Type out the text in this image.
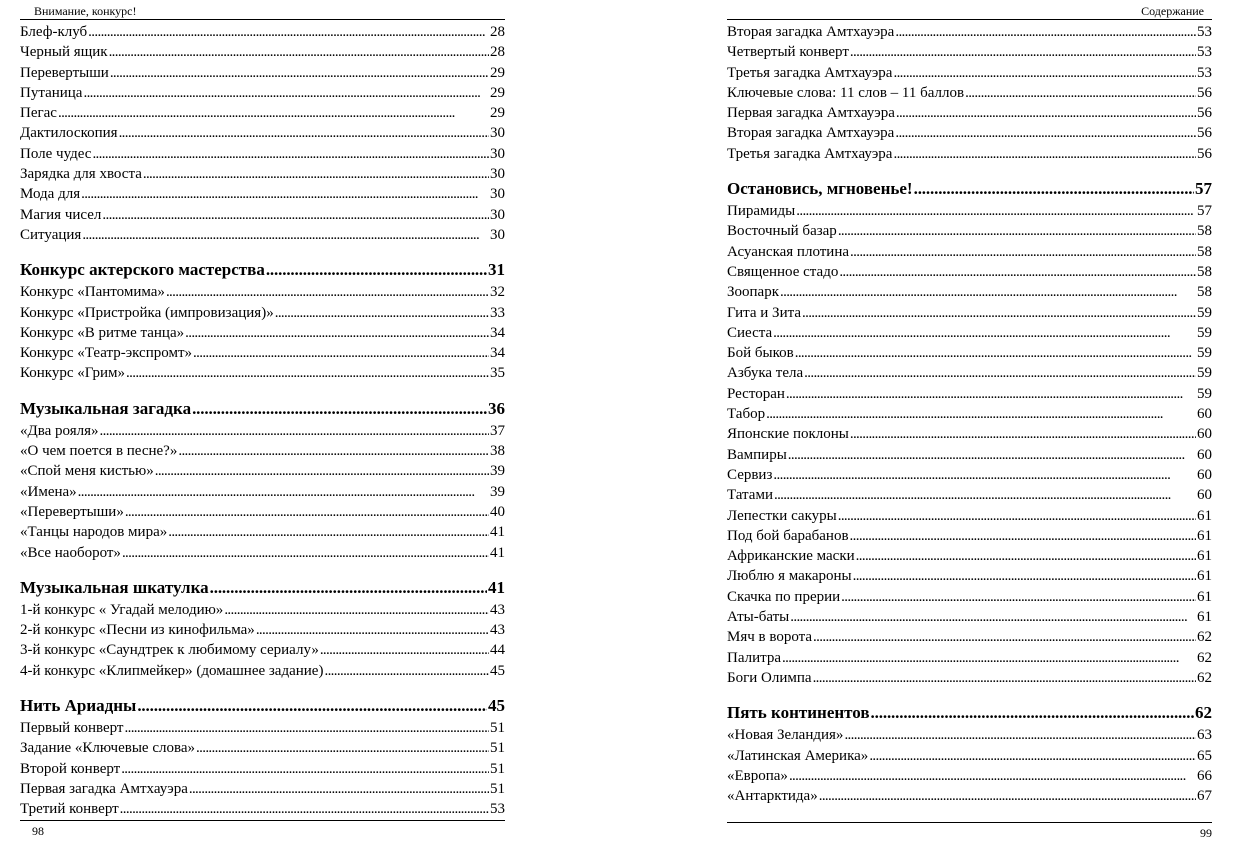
Внимание, конкурс!
Блеф-клуб . . .	28
Черный ящик . . .	28
Перевертыши . . .	29
Путаница . . .	29
Пегас . . .	29
Дактилоскопия . . .	30
Поле чудес . . .	30
Зарядка для хвоста . . .	30
Мода для . . .	30
Магия чисел . . .	30
Ситуация . . .	30
Конкурс актерского мастерства . . .	31
Конкурс «Пантомима» . . .	32
Конкурс «Пристройка (импровизация)» . . .	33
Конкурс «В ритме танца» . . .	34
Конкурс «Театр-экспромт» . . .	34
Конкурс «Грим» . . .	35
Музыкальная загадка . . .	36
«Два рояля» . . .	37
«О чем поется в песне?» . . .	38
«Спой меня кистью» . . .	39
«Имена» . . .	39
«Перевертыши» . . .	40
«Танцы народов мира» . . .	41
«Все наоборот» . . .	41
Музыкальная шкатулка . . .	41
1-й конкурс « Угадай мелодию» . . .	43
2-й конкурс «Песни из кинофильма» . . .	43
3-й конкурс «Саундтрек к любимому сериалу» . . .	44
4-й конкурс «Клипмейкер» (домашнее задание) . . .	45
Нить Ариадны . . .	45
Первый конверт . . .	51
Задание «Ключевые слова» . . .	51
Второй конверт . . .	51
Первая загадка Амтхауэра . . .	51
Третий конверт . . .	53
98
Содержание
Вторая загадка Амтхауэра . . .	53
Четвертый конверт . . .	53
Третья загадка Амтхауэра . . .	53
Ключевые слова: 11 слов – 11 баллов . . .	56
Первая загадка Амтхауэра . . .	56
Вторая загадка Амтхауэра . . .	56
Третья загадка Амтхауэра . . .	56
Остановись, мгновенье! . . .	57
Пирамиды . . .	57
Восточный базар . . .	58
Асуанская плотина . . .	58
Священное стадо . . .	58
Зоопарк . . .	58
Гита и Зита . . .	59
Сиеста . . .	59
Бой быков . . .	59
Азбука тела . . .	59
Ресторан . . .	59
Табор . . .	60
Японские поклоны . . .	60
Вампиры . . .	60
Сервиз . . .	60
Татами . . .	60
Лепестки сакуры . . .	61
Под бой барабанов . . .	61
Африканские маски . . .	61
Люблю я макароны . . .	61
Скачка по прерии . . .	61
Аты-баты . . .	61
Мяч в ворота . . .	62
Палитра . . .	62
Боги Олимпа . . .	62
Пять континентов . . .	62
«Новая Зеландия» . . .	63
«Латинская Америка» . . .	65
«Европа» . . .	66
«Антарктида» . . .	67
99
